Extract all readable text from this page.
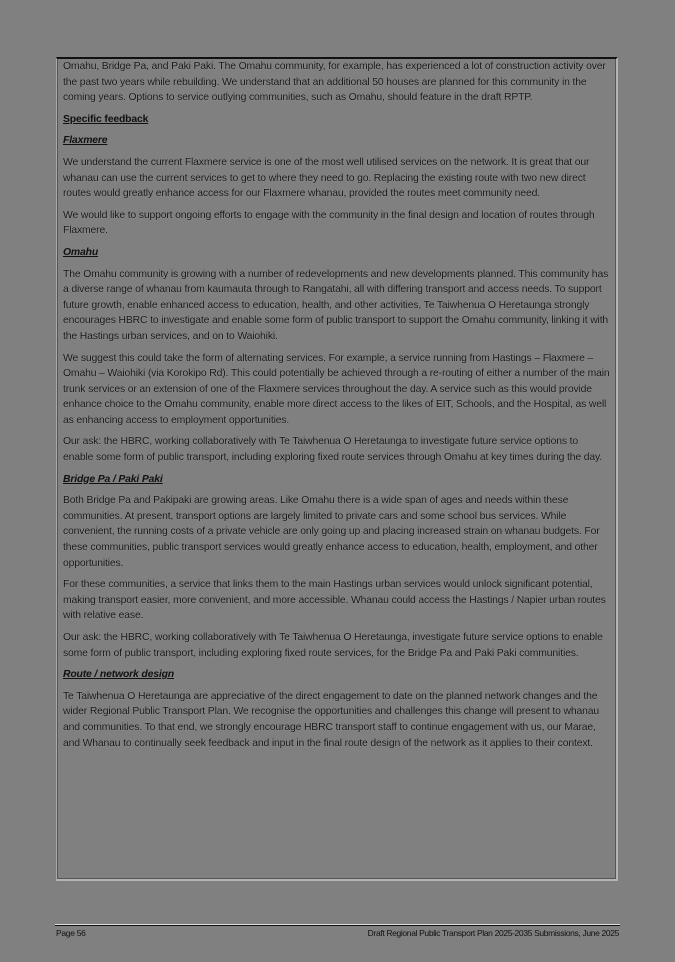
Omahu, Bridge Pa, and Paki Paki. The Omahu community, for example, has experienced a lot of construction activity over the past two years while rebuilding. We understand that an additional 50 houses are planned for this community in the coming years. Options to service outlying communities, such as Omahu, should feature in the draft RPTP.

Specific feedback

Flaxmere

We understand the current Flaxmere service is one of the most well utilised services on the network. It is great that our whanau can use the current services to get to where they need to go. Replacing the existing route with two new direct routes would greatly enhance access for our Flaxmere whanau, provided the routes meet community need.

We would like to support ongoing efforts to engage with the community in the final design and location of routes through Flaxmere.

Omahu

The Omahu community is growing with a number of redevelopments and new developments planned. This community has a diverse range of whanau from kaumauta through to Rangatahi, all with differing transport and access needs. To support future growth, enable enhanced access to education, health, and other activities, Te Taiwhenua O Heretaunga strongly encourages HBRC to investigate and enable some form of public transport to support the Omahu community, linking it with the Hastings urban services, and on to Waiohiki.

We suggest this could take the form of alternating services. For example, a service running from Hastings – Flaxmere – Omahu – Waiohiki (via Korokipo Rd). This could potentially be achieved through a re-routing of either a number of the main trunk services or an extension of one of the Flaxmere services throughout the day. A service such as this would provide enhance choice to the Omahu community, enable more direct access to the likes of EIT, Schools, and the Hospital, as well as enhancing access to employment opportunities.

Our ask: the HBRC, working collaboratively with Te Taiwhenua O Heretaunga to investigate future service options to enable some form of public transport, including exploring fixed route services through Omahu at key times during the day.

Bridge Pa / Paki Paki

Both Bridge Pa and Pakipaki are growing areas. Like Omahu there is a wide span of ages and needs within these communities. At present, transport options are largely limited to private cars and some school bus services. While convenient, the running costs of a private vehicle are only going up and placing increased strain on whanau budgets. For these communities, public transport services would greatly enhance access to education, health, employment, and other opportunities.

For these communities, a service that links them to the main Hastings urban services would unlock significant potential, making transport easier, more convenient, and more accessible. Whanau could access the Hastings / Napier urban routes with relative ease.

Our ask: the HBRC, working collaboratively with Te Taiwhenua O Heretaunga, investigate future service options to enable some form of public transport, including exploring fixed route services, for the Bridge Pa and Paki Paki communities.

Route / network design

Te Taiwhenua O Heretaunga are appreciative of the direct engagement to date on the planned network changes and the wider Regional Public Transport Plan. We recognise the opportunities and challenges this change will present to whanau and communities. To that end, we strongly encourage HBRC transport staff to continue engagement with us, our Marae, and Whanau to continually seek feedback and input in the final route design of the network as it applies to their context.

Page 56	Draft Regional Public Transport Plan 2025-2035 Submissions, June 2025
